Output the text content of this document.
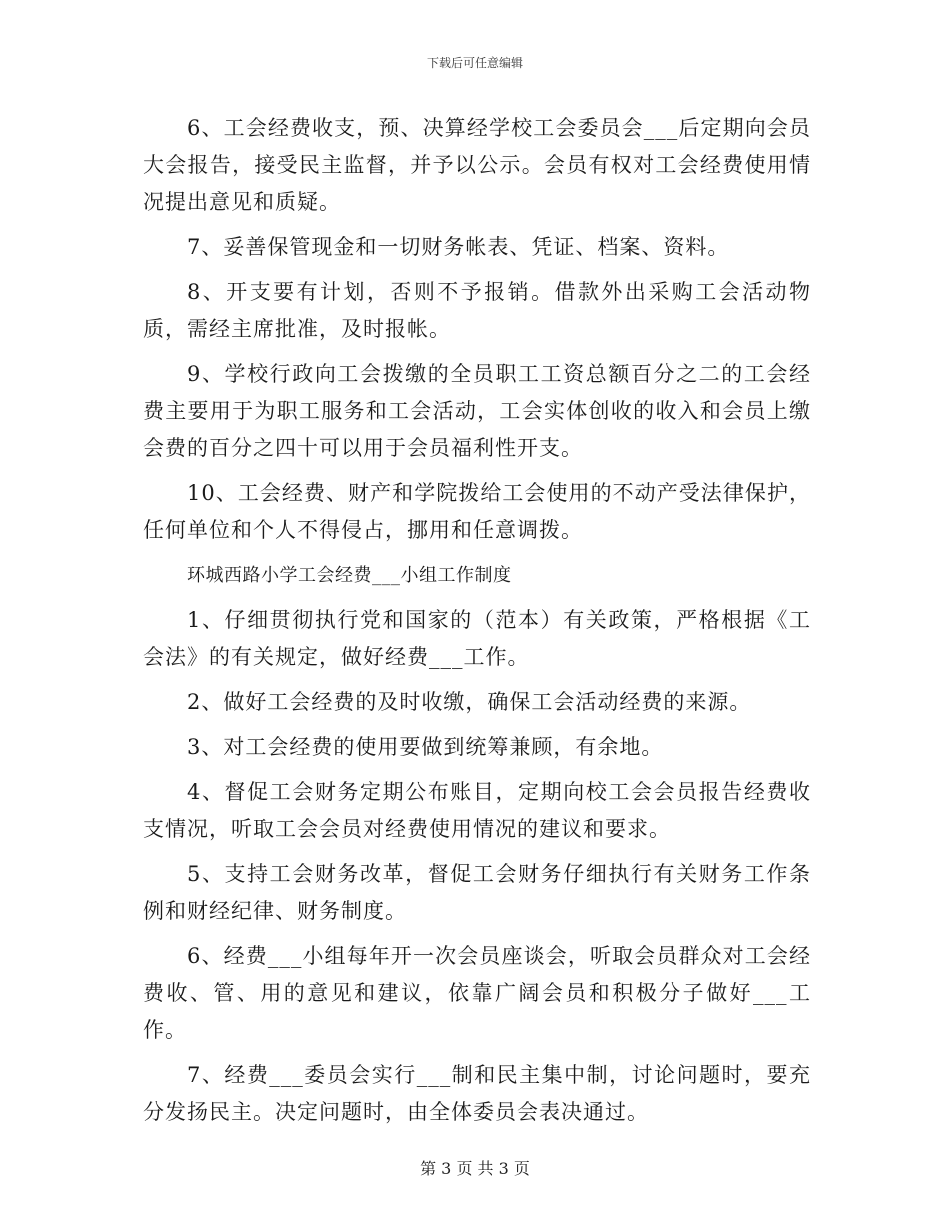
下载后可任意编辑

6、工会经费收支，预、决算经学校工会委员会___后定期向会员大会报告，接受民主监督，并予以公示。会员有权对工会经费使用情况提出意见和质疑。

7、妥善保管现金和一切财务帐表、凭证、档案、资料。

8、开支要有计划，否则不予报销。借款外出采购工会活动物质，需经主席批准，及时报帐。

9、学校行政向工会拨缴的全员职工工资总额百分之二的工会经费主要用于为职工服务和工会活动，工会实体创收的收入和会员上缴会费的百分之四十可以用于会员福利性开支。

10、工会经费、财产和学院拨给工会使用的不动产受法律保护，任何单位和个人不得侵占，挪用和任意调拨。

环城西路小学工会经费___小组工作制度

1、仔细贯彻执行党和国家的（范本）有关政策，严格根据《工会法》的有关规定，做好经费___工作。

2、做好工会经费的及时收缴，确保工会活动经费的来源。

3、对工会经费的使用要做到统筹兼顾，有余地。

4、督促工会财务定期公布账目，定期向校工会会员报告经费收支情况，听取工会会员对经费使用情况的建议和要求。

5、支持工会财务改革，督促工会财务仔细执行有关财务工作条例和财经纪律、财务制度。

6、经费___小组每年开一次会员座谈会，听取会员群众对工会经费收、管、用的意见和建议，依靠广阔会员和积极分子做好___工作。

7、经费___委员会实行___制和民主集中制，讨论问题时，要充分发扬民主。决定问题时，由全体委员会表决通过。

第 3 页 共 3 页
